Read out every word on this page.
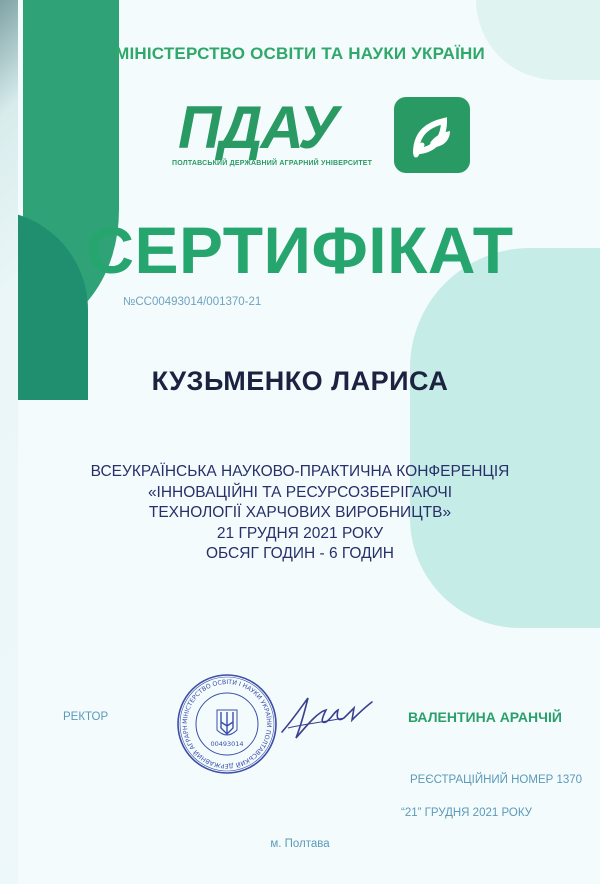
МІНІСТЕРСТВО ОСВІТИ ТА НАУКИ УКРАЇНИ
ПДАУ
ПОЛТАВСЬКИЙ ДЕРЖАВНИЙ АГРАРНИЙ УНІВЕРСИТЕТ
СЕРТИФІКАТ
№СС00493014/001370-21
КУЗЬМЕНКО ЛАРИСА
ВСЕУКРАЇНСЬКА НАУКОВО-ПРАКТИЧНА КОНФЕРЕНЦІЯ
«ІННОВАЦІЙНІ ТА РЕСУРСОЗБЕРІГАЮЧІ
ТЕХНОЛОГІЇ ХАРЧОВИХ ВИРОБНИЦТВ»
21 ГРУДНЯ 2021 РОКУ
ОБСЯГ ГОДИН - 6 ГОДИН
РЕКТОР	МІНІСТЕРСТВО ОСВІТИ І НАУКИ УКРАЇНИ ПОЛТАВСЬКИЙ ДЕРЖАВНИЙ АГРАРН
00493014
ВАЛЕНТИНА АРАНЧІЙ
РЕЄСТРАЦІЙНИЙ НОМЕР 1370
“21” ГРУДНЯ 2021 РОКУ
м. Полтава
